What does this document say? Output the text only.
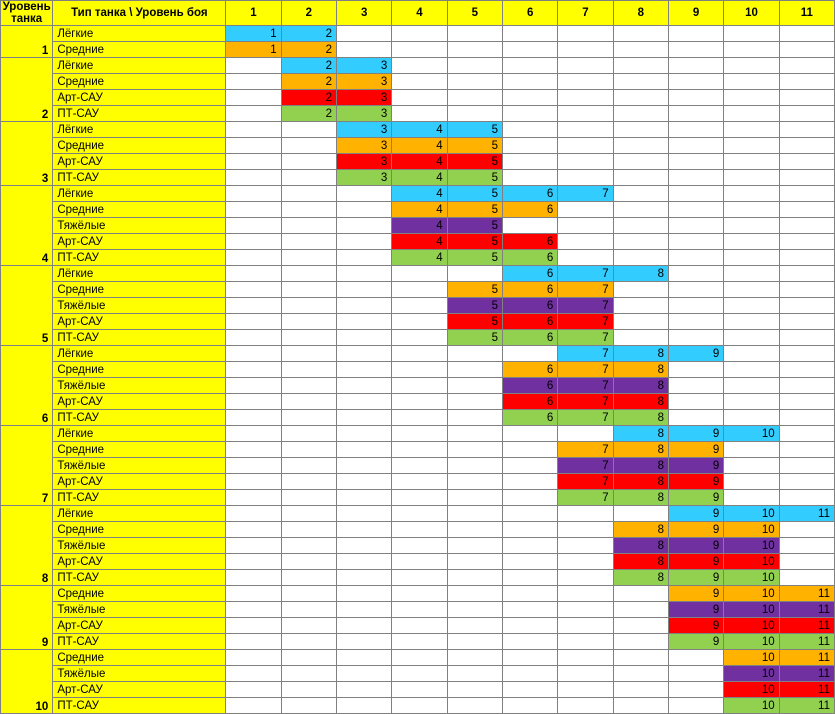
Уровень танка	Тип танка \ Уровень боя	1	2	3	4	5	6	7	8	9	10	11
1	Лёгкие	1	2									
	Средние	1	2									
2	Лёгкие		2	3								
	Средние		2	3								
	Арт-САУ		2	3								
	ПТ-САУ		2	3								
3	Лёгкие			3	4	5						
	Средние			3	4	5						
	Арт-САУ			3	4	5						
	ПТ-САУ			3	4	5						
4	Лёгкие				4	5	6	7				
	Средние				4	5	6					
	Тяжёлые				4	5						
	Арт-САУ				4	5	6					
	ПТ-САУ				4	5	6					
5	Лёгкие						6	7	8			
	Средние					5	6	7				
	Тяжёлые					5	6	7				
	Арт-САУ					5	6	7				
	ПТ-САУ					5	6	7				
6	Лёгкие							7	8	9		
	Средние						6	7	8			
	Тяжёлые						6	7	8			
	Арт-САУ						6	7	8			
	ПТ-САУ						6	7	8			
7	Лёгкие								8	9	10	
	Средние							7	8	9		
	Тяжёлые							7	8	9		
	Арт-САУ							7	8	9		
	ПТ-САУ							7	8	9		
8	Лёгкие									9	10	11
	Средние								8	9	10	
	Тяжёлые								8	9	10	
	Арт-САУ								8	9	10	
	ПТ-САУ								8	9	10	
9	Средние									9	10	11
	Тяжёлые									9	10	11
	Арт-САУ									9	10	11
	ПТ-САУ									9	10	11
10	Средние										10	11
	Тяжёлые										10	11
	Арт-САУ										10	11
	ПТ-САУ										10	11
